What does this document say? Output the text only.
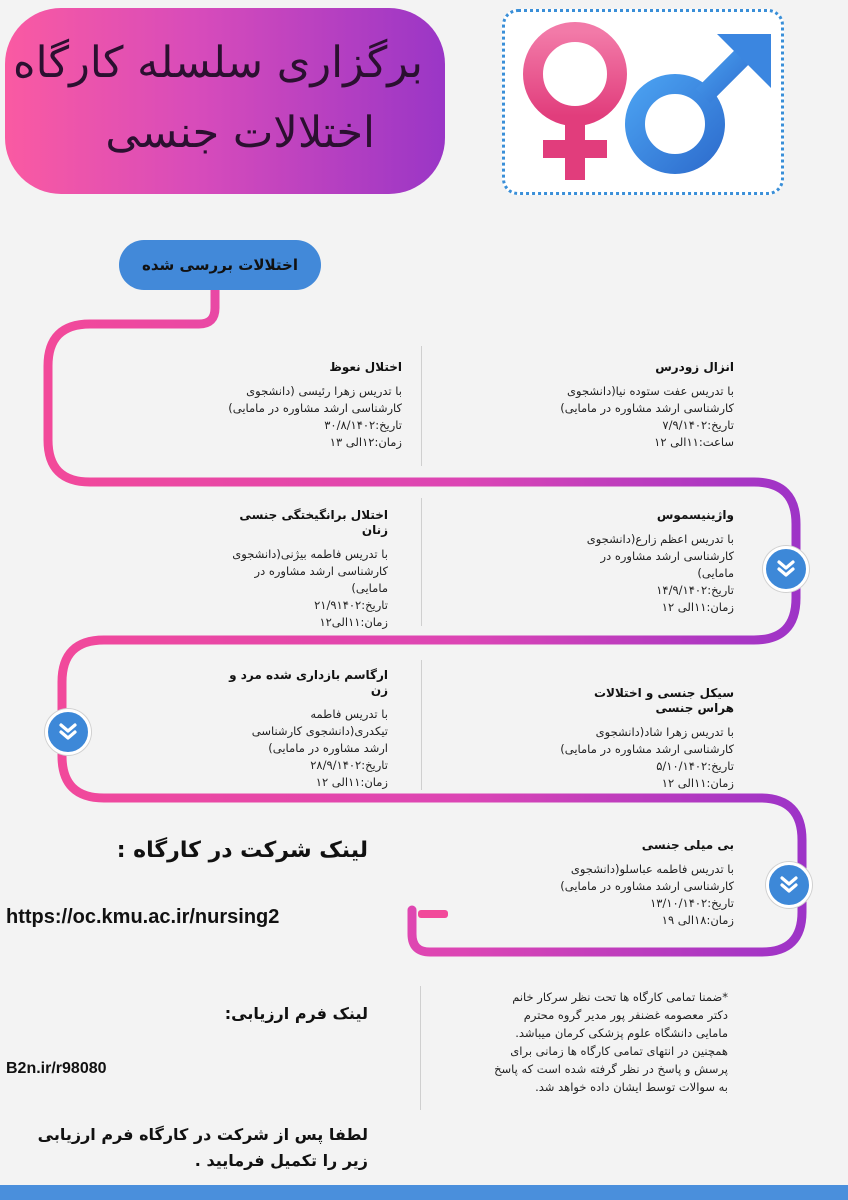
برگزاری سلسله کارگاه
اختلالات جنسی
اختلالات بررسی شده
انزال زودرس
با تدریس عفت ستوده نیا(دانشجوی
کارشناسی ارشد مشاوره در مامایی)
تاریخ:۷/۹/۱۴۰۲
ساعت:۱۱الی ۱۲
اختلال نعوظ
با تدریس زهرا رئیسی (دانشجوی
کارشناسی ارشد مشاوره در مامایی)
تاریخ:۳۰/۸/۱۴۰۲
زمان:۱۲الی ۱۳
واژینیسموس
با تدریس اعظم زارع(دانشجوی
کارشناسی ارشد مشاوره در
مامایی)
تاریخ:۱۴/۹/۱۴۰۲
زمان:۱۱الی ۱۲
اختلال برانگیختگی جنسی زنان
با تدریس فاطمه بیژنی(دانشجوی
کارشناسی ارشد مشاوره در
مامایی)
تاریخ:۲۱/۹۱۴۰۲
زمان:۱۱الی۱۲
سیکل جنسی و اختلالات هراس جنسی
با تدریس زهرا شاد(دانشجوی
کارشناسی ارشد مشاوره در مامایی)
تاریخ:۵/۱۰/۱۴۰۲
زمان:۱۱الی ۱۲
ارگاسم بازداری شده مرد و زن
با تدریس فاطمه
تیکدری(دانشجوی کارشناسی
ارشد مشاوره در مامایی)
تاریخ:۲۸/۹/۱۴۰۲
زمان:۱۱الی ۱۲
بی میلی جنسی
با تدریس فاطمه عباسلو(دانشجوی
کارشناسی ارشد مشاوره در مامایی)
تاریخ:۱۳/۱۰/۱۴۰۲
زمان:۱۸الی ۱۹
لینک شرکت در کارگاه :
https://oc.kmu.ac.ir/nursing2
*ضمنا تمامی کارگاه ها تحت نظر سرکار خانم
دکتر معصومه غضنفر پور مدیر گروه محترم
مامایی دانشگاه علوم پزشکی کرمان میباشد.
همچنین در انتهای تمامی کارگاه ها زمانی برای
پرسش و پاسخ در نظر گرفته شده است که پاسخ
به سوالات توسط ایشان داده خواهد شد.
لینک فرم ارزیابی:
B2n.ir/r98080
لطفا پس از شرکت در کارگاه فرم ارزیابی
زیر را تکمیل فرمایید .
